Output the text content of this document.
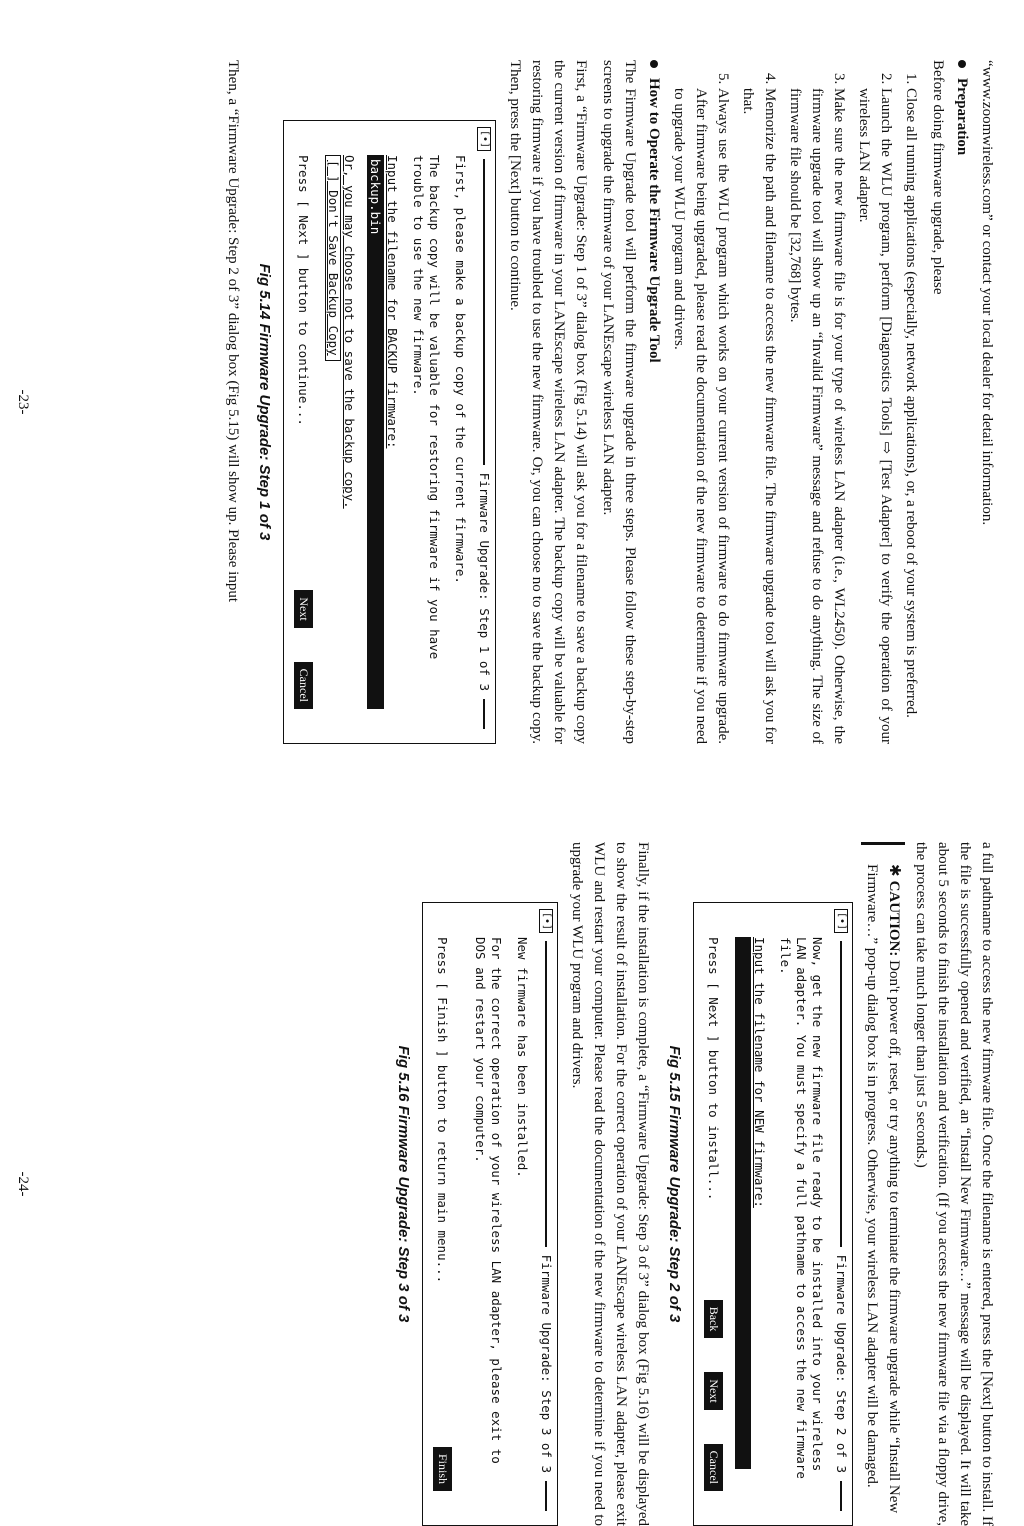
“www.zoomwireless.com” or contact your local dealer for detail information.

Preparation

Before doing firmware upgrade, please

1. Close all running applications (especially, network applications), or, a reboot of your system is preferred.
2. Launch the WLU program, perform [Diagnostics Tools] ⇨ [Test Adapter] to verify the operation of your wireless LAN adapter.
3. Make sure the new firmware file is for your type of wireless LAN adapter (i.e., WL2450). Otherwise, the firmware upgrade tool will show up an “Invalid Firmware” message and refuse to do anything. The size of firmware file should be [32,768] bytes.
4. Memorize the path and filename to access the new firmware file. The firmware upgrade tool will ask you for that.
5. Always use the WLU program which works on your current version of firmware to do firmware upgrade. After firmware being upgraded, please read the documentation of the new firmware to determine if you need to upgrade your WLU program and drivers.
How to Operate the Firmware Upgrade Tool

The Firmware Upgrade tool will perform the firmware upgrade in three steps. Please follow these step-by-step screens to upgrade the firmware of your LANEscape wireless LAN adapter.

First, a “Firmware Upgrade: Step 1 of 3” dialog box (Fig 5.14) will ask you for a filename to save a backup copy the current version of firmware in your LANEscape wireless LAN adapter. The backup copy will be valuable for restoring firmware if you have troubled to use the new firmware. Or, you can choose no to save the backup copy. Then, press the [Next] button to continue.

[•]
Firmware Upgrade: Step 1 of 3
First, please make a backup copy of the current firmware.
The backup copy will be valuable for restoring firmware if you have trouble to use the new firmware.
Input the filename for BACKUP firmware:
backup.bin
Or, you may choose not to save the backup copy.
[ ] Don't Save Backup Copy
Press [ Next ] button to continue...
Next
Cancel
Fig 5.14 Firmware Upgrade: Step 1 of 3

Then, a “Firmware Upgrade: Step 2 of 3” dialog box (Fig 5.15) will show up. Please input

-23-

a full pathname to access the new firmware file. Once the filename is entered, press the [Next] button to install. If the file is successfully opened and verified, an “Install New Firmware…” message will be displayed. It will take about 5 seconds to finish the installation and verification. (If you access the new firmware file via a floppy drive, the process can take much longer than just 5 seconds.)

✱CAUTION: Don't power off, reset, or try anything to terminate the firmware upgrade while “Install New Firmware…” pop-up dialog box is in progress. Otherwise, your wireless LAN adapter will be damaged.
[•]
Firmware Upgrade: Step 2 of 3
Now, get the new firmware file ready to be installed into your wireless LAN adapter. You must specify a full pathname to access the new firmware file.
Input the filename for NEW firmware:
Press [ Next ] button to install...
Back
Next
Cancel
Fig 5.15 Firmware Upgrade: Step 2 of 3

Finally, if the installation is complete, a “Firmware Upgrade: Step 3 of 3” dialog box (Fig 5.16) will be displayed to show the result of installation. For the correct operation of your LANEscape wireless LAN adapter, please exit WLU and restart your computer. Please read the documentation of the new firmware to determine if you need to upgrade your WLU program and drivers.

[•]
Firmware Upgrade: Step 3 of 3
New firmware has been installed.
For the correct operation of your wireless LAN adapter, please exit to DOS and restart your computer.
Press [ Finish ] button to return main menu...
Finish
Fig 5.16 Firmware Upgrade: Step 3 of 3
-24-
